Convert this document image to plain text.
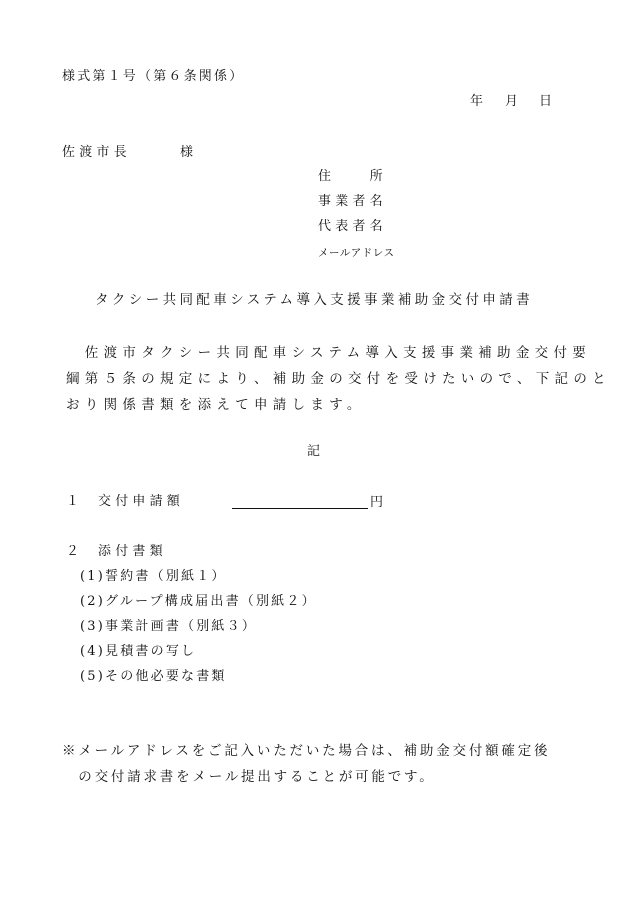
様式第１号（第６条関係）
年 月 日
佐渡市長	様
住　　所
事業者名
代表者名
メールアドレス
タクシー共同配車システム導入支援事業補助金交付申請書
　佐渡市タクシー共同配車システム導入支援事業補助金交付要
綱第５条の規定により、補助金の交付を受けたいので、下記のと
おり関係書類を添えて申請します。
記
１ 交付申請額	円
２ 添付書類
(1)誓約書（別紙１）
(2)グループ構成届出書（別紙２）
(3)事業計画書（別紙３）
(4)見積書の写し
(5)その他必要な書類
※メールアドレスをご記入いただいた場合は、補助金交付額確定後
　の交付請求書をメール提出することが可能です。
